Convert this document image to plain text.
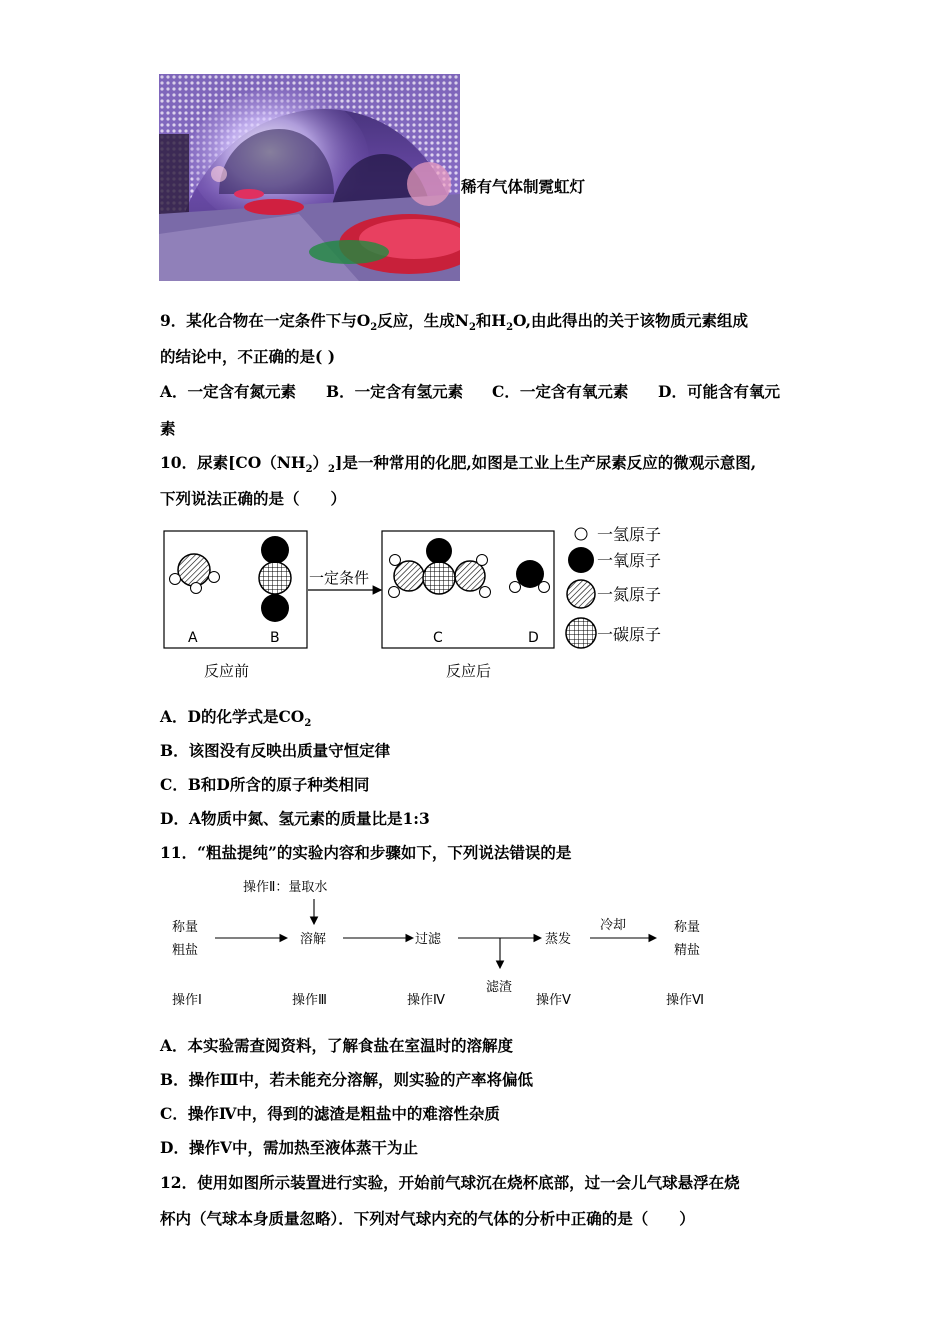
稀有气体制霓虹灯
9．某化合物在一定条件下与$O_2$反应，生成$N_2$和$H_2O$,由此得出的关于该物质元素组成
的结论中，不正确的是( )
A．一定含有氮元素 B．一定含有氢元素 C．一定含有氧元素 D．可能含有氧元
素
10．尿素$[CO(NH_2)_2]$是一种常用的化肥,如图是工业上生产尿素反应的微观示意图,
下列说法正确的是（　　）
A	B
一定条件
C	D
一氢原子
一氧原子
一氮原子
一碳原子
反应前	反应后
A．D的化学式是$CO_2$
B．该图没有反映出质量守恒定律
C．B和D所含的原子种类相同
D．A物质中氮、氢元素的质量比是1:3
11．“粗盐提纯”的实验内容和步骤如下，下列说法错误的是
操作Ⅱ：量取水
称量
粗盐
溶解	过滤
滤渣
蒸发
冷却	称量
精盐
操作Ⅰ	操作Ⅲ	操作Ⅳ	操作Ⅴ	操作Ⅵ
A．本实验需查阅资料，了解食盐在室温时的溶解度
B．操作Ⅲ中，若未能充分溶解，则实验的产率将偏低
C．操作Ⅳ中，得到的滤渣是粗盐中的难溶性杂质
D．操作Ⅴ中，需加热至液体蒸干为止
12．使用如图所示装置进行实验，开始前气球沉在烧杯底部，过一会儿气球悬浮在烧
杯内（气球本身质量忽略）．下列对气球内充的气体的分析中正确的是（　　）
